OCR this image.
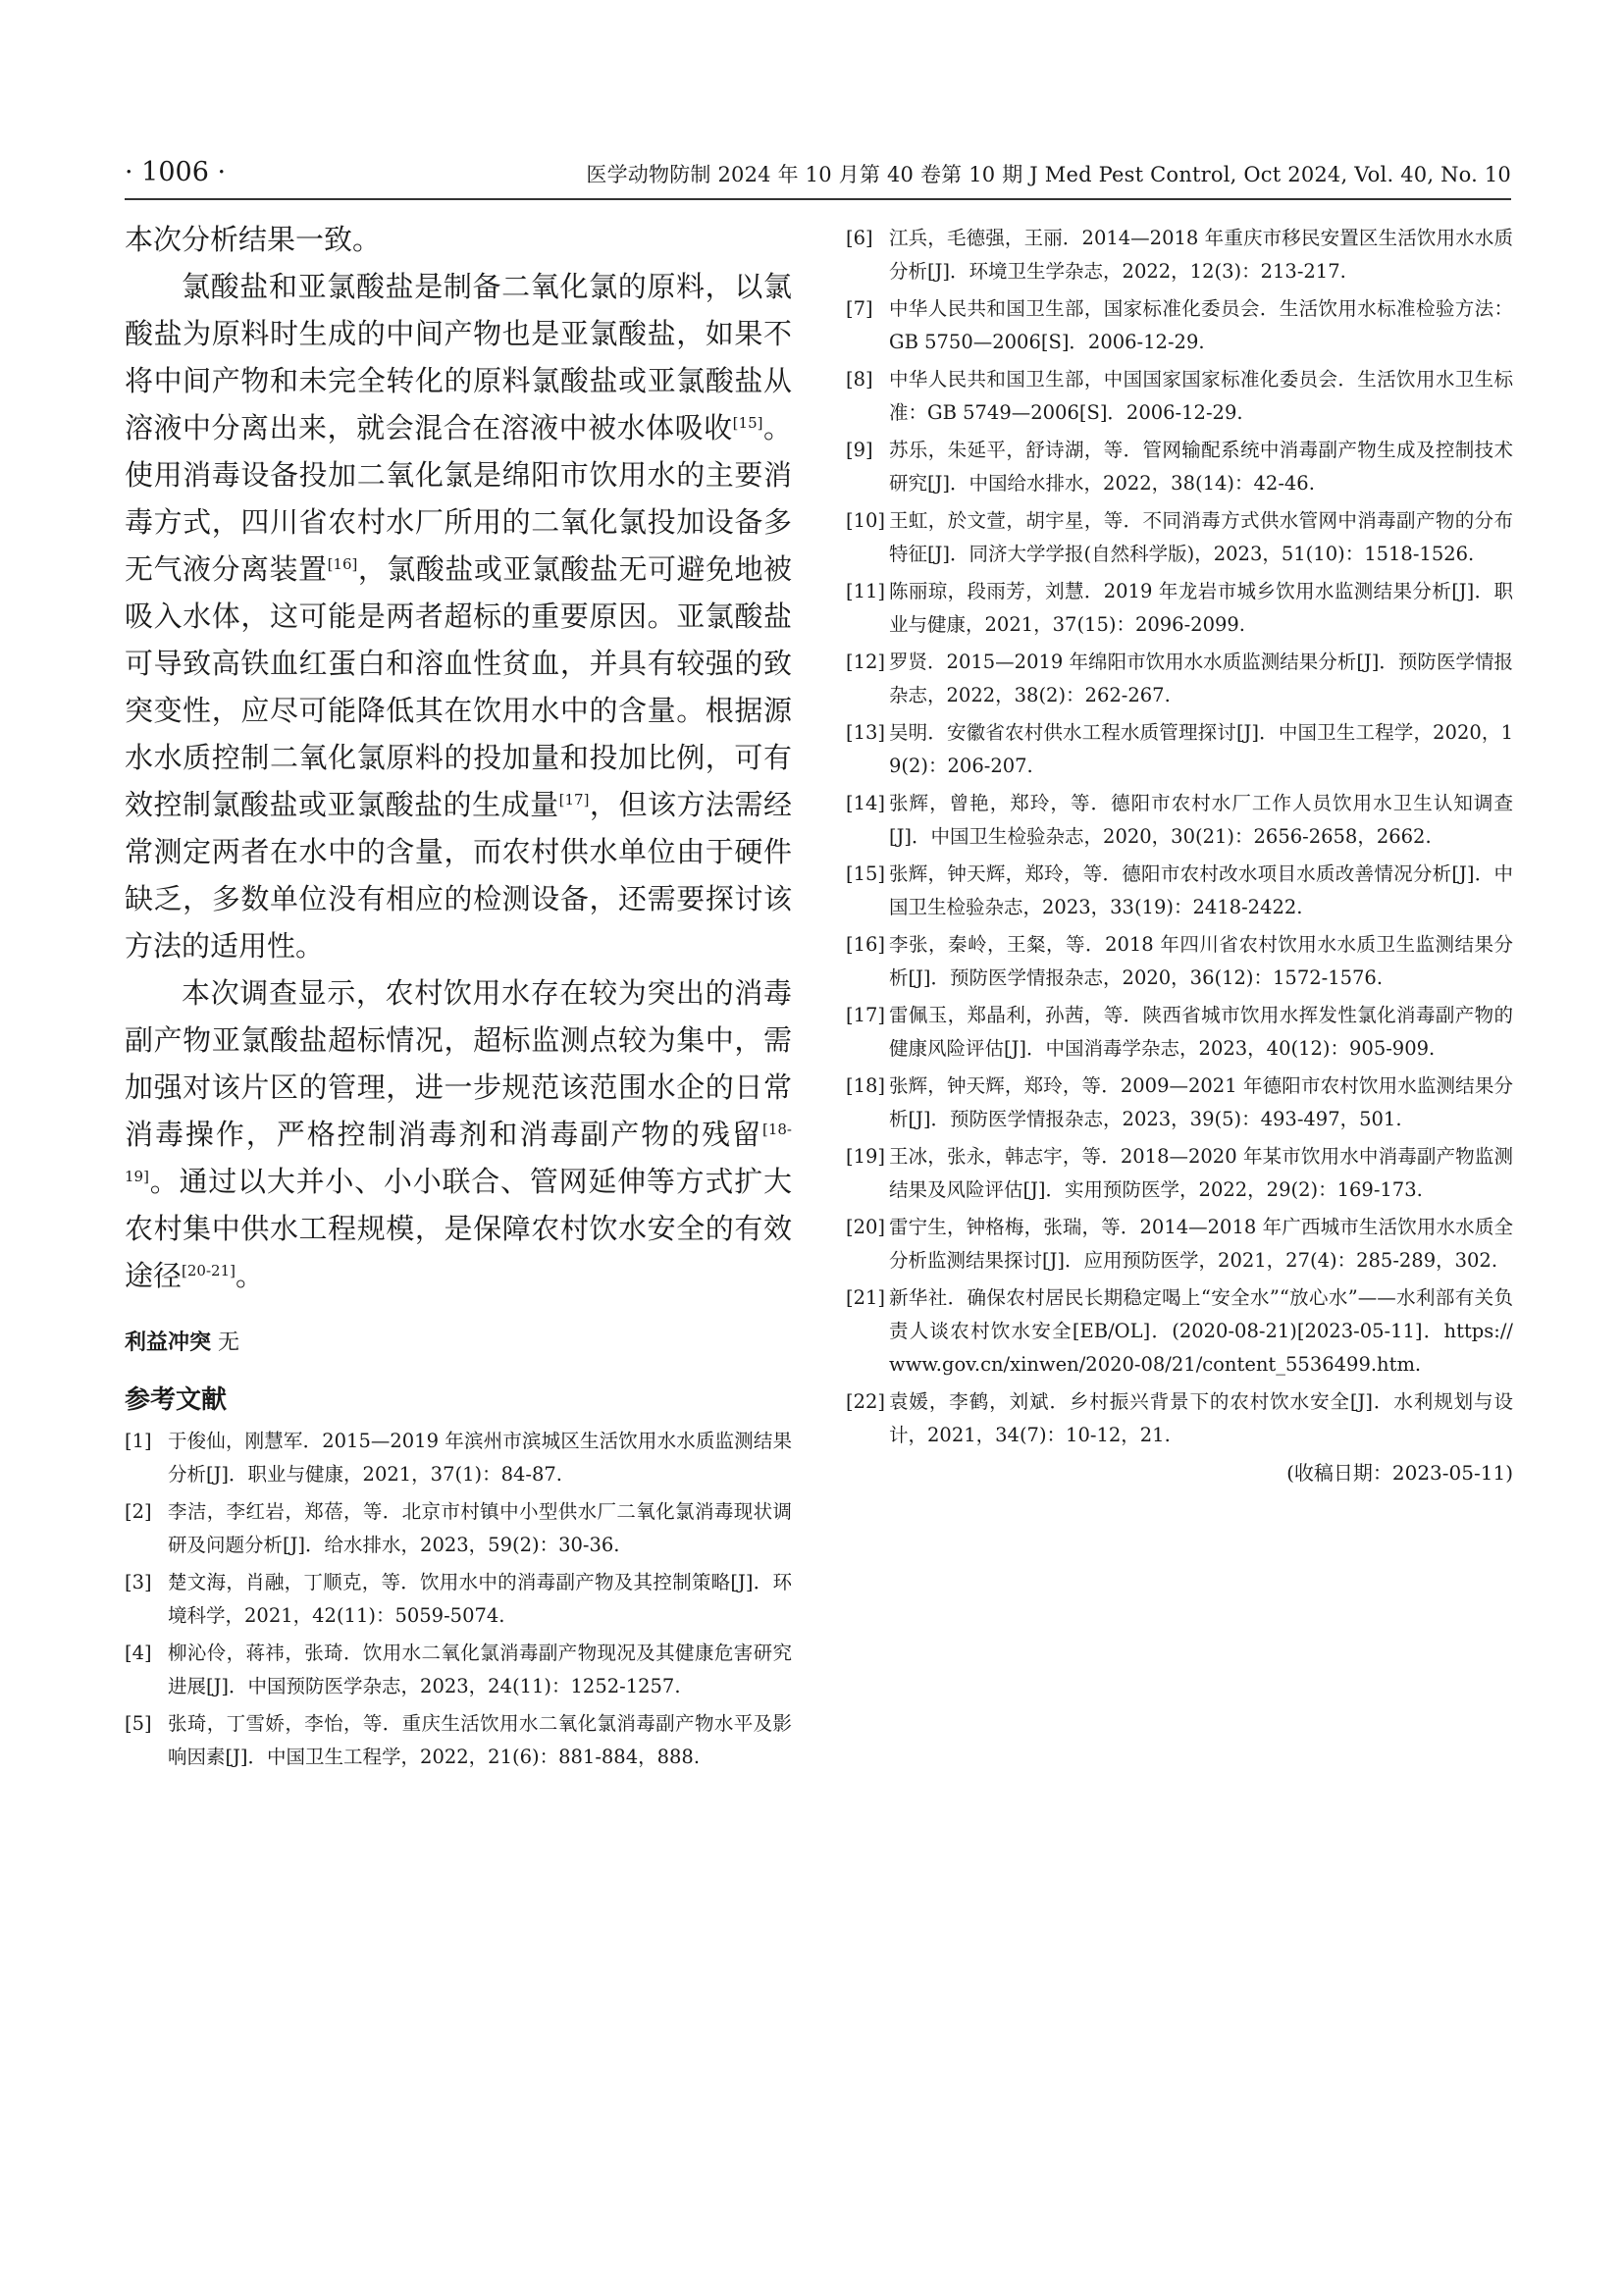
· 1006 ·	医学动物防制 2024 年 10 月第 40 卷第 10 期 J Med Pest Control, Oct 2024, Vol. 40, No. 10

本次分析结果一致。

氯酸盐和亚氯酸盐是制备二氧化氯的原料，以氯酸盐为原料时生成的中间产物也是亚氯酸盐，如果不将中间产物和未完全转化的原料氯酸盐或亚氯酸盐从溶液中分离出来，就会混合在溶液中被水体吸收[15]。使用消毒设备投加二氧化氯是绵阳市饮用水的主要消毒方式，四川省农村水厂所用的二氧化氯投加设备多无气液分离装置[16]，氯酸盐或亚氯酸盐无可避免地被吸入水体，这可能是两者超标的重要原因。亚氯酸盐可导致高铁血红蛋白和溶血性贫血，并具有较强的致突变性，应尽可能降低其在饮用水中的含量。根据源水水质控制二氧化氯原料的投加量和投加比例，可有效控制氯酸盐或亚氯酸盐的生成量[17]，但该方法需经常测定两者在水中的含量，而农村供水单位由于硬件缺乏，多数单位没有相应的检测设备，还需要探讨该方法的适用性。

本次调查显示，农村饮用水存在较为突出的消毒副产物亚氯酸盐超标情况，超标监测点较为集中，需加强对该片区的管理，进一步规范该范围水企的日常消毒操作，严格控制消毒剂和消毒副产物的残留[18-19]。通过以大并小、小小联合、管网延伸等方式扩大农村集中供水工程规模，是保障农村饮水安全的有效途径[20-21]。

利益冲突 无
参考文献
[1] 于俊仙，刚慧军．2015—2019 年滨州市滨城区生活饮用水水质监测结果分析[J]．职业与健康，2021，37(1)：84-87.
[2] 李洁，李红岩，郑蓓，等．北京市村镇中小型供水厂二氧化氯消毒现状调研及问题分析[J]．给水排水，2023，59(2)：30-36.
[3] 楚文海，肖融，丁顺克，等．饮用水中的消毒副产物及其控制策略[J]．环境科学，2021，42(11)：5059-5074.
[4] 柳沁伶，蒋祎，张琦．饮用水二氧化氯消毒副产物现况及其健康危害研究进展[J]．中国预防医学杂志，2023，24(11)：1252-1257.
[5] 张琦，丁雪娇，李怡，等．重庆生活饮用水二氧化氯消毒副产物水平及影响因素[J]．中国卫生工程学，2022，21(6)：881-884，888.
[6] 江兵，毛德强，王丽．2014—2018 年重庆市移民安置区生活饮用水水质分析[J]．环境卫生学杂志，2022，12(3)：213-217.
[7] 中华人民共和国卫生部，国家标准化委员会．生活饮用水标准检验方法：GB 5750—2006[S]．2006-12-29.
[8] 中华人民共和国卫生部，中国国家国家标准化委员会．生活饮用水卫生标准：GB 5749—2006[S]．2006-12-29.
[9] 苏乐，朱延平，舒诗湖，等．管网输配系统中消毒副产物生成及控制技术研究[J]．中国给水排水，2022，38(14)：42-46.
[10] 王虹，於文萱，胡宇星，等．不同消毒方式供水管网中消毒副产物的分布特征[J]．同济大学学报(自然科学版)，2023，51(10)：1518-1526.
[11] 陈丽琼，段雨芳，刘慧．2019 年龙岩市城乡饮用水监测结果分析[J]．职业与健康，2021，37(15)：2096-2099.
[12] 罗贤．2015—2019 年绵阳市饮用水水质监测结果分析[J]．预防医学情报杂志，2022，38(2)：262-267.
[13] 吴明．安徽省农村供水工程水质管理探讨[J]．中国卫生工程学，2020，19(2)：206-207.
[14] 张辉，曾艳，郑玲，等．德阳市农村水厂工作人员饮用水卫生认知调查[J]．中国卫生检验杂志，2020，30(21)：2656-2658，2662.
[15] 张辉，钟天辉，郑玲，等．德阳市农村改水项目水质改善情况分析[J]．中国卫生检验杂志，2023，33(19)：2418-2422.
[16] 李张，秦岭，王粲，等．2018 年四川省农村饮用水水质卫生监测结果分析[J]．预防医学情报杂志，2020，36(12)：1572-1576.
[17] 雷佩玉，郑晶利，孙茜，等．陕西省城市饮用水挥发性氯化消毒副产物的健康风险评估[J]．中国消毒学杂志，2023，40(12)：905-909.
[18] 张辉，钟天辉，郑玲，等．2009—2021 年德阳市农村饮用水监测结果分析[J]．预防医学情报杂志，2023，39(5)：493-497，501.
[19] 王冰，张永，韩志宇，等．2018—2020 年某市饮用水中消毒副产物监测结果及风险评估[J]．实用预防医学，2022，29(2)：169-173.
[20] 雷宁生，钟格梅，张瑞，等．2014—2018 年广西城市生活饮用水水质全分析监测结果探讨[J]．应用预防医学，2021，27(4)：285-289，302.
[21] 新华社．确保农村居民长期稳定喝上“安全水”“放心水”——水利部有关负责人谈农村饮水安全[EB/OL]．(2020-08-21)[2023-05-11]．https://www.gov.cn/xinwen/2020-08/21/content_5536499.htm.
[22] 袁媛，李鹤，刘斌．乡村振兴背景下的农村饮水安全[J]．水利规划与设计，2021，34(7)：10-12，21.
(收稿日期：2023-05-11)
